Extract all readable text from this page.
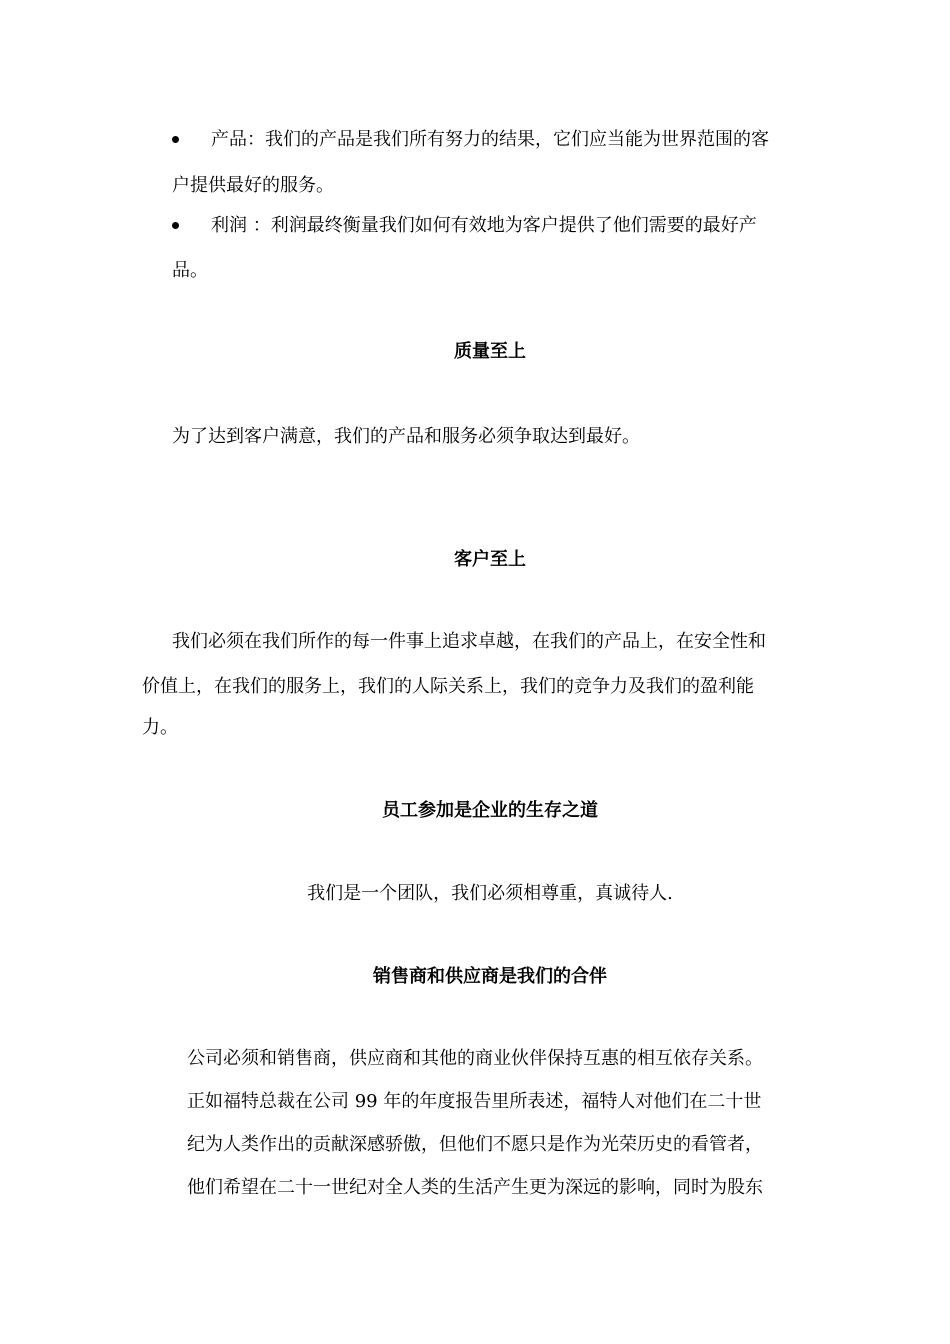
产品：我们的产品是我们所有努力的结果，它们应当能为世界范围的客
户提供最好的服务。
利润 ：利润最终衡量我们如何有效地为客户提供了他们需要的最好产
品。
质量至上
为了达到客户满意，我们的产品和服务必须争取达到最好。
客户至上
我们必须在我们所作的每一件事上追求卓越，在我们的产品上，在安全性和
价值上，在我们的服务上，我们的人际关系上，我们的竞争力及我们的盈利能
力。
员工参加是企业的生存之道
我们是一个团队，我们必须相尊重，真诚待人.
销售商和供应商是我们的合伴
公司必须和销售商，供应商和其他的商业伙伴保持互惠的相互依存关系。
正如福特总裁在公司 99 年的年度报告里所表述，福特人对他们在二十世
纪为人类作出的贡献深感骄傲，但他们不愿只是作为光荣历史的看管者，
他们希望在二十一世纪对全人类的生活产生更为深远的影响，同时为股东
